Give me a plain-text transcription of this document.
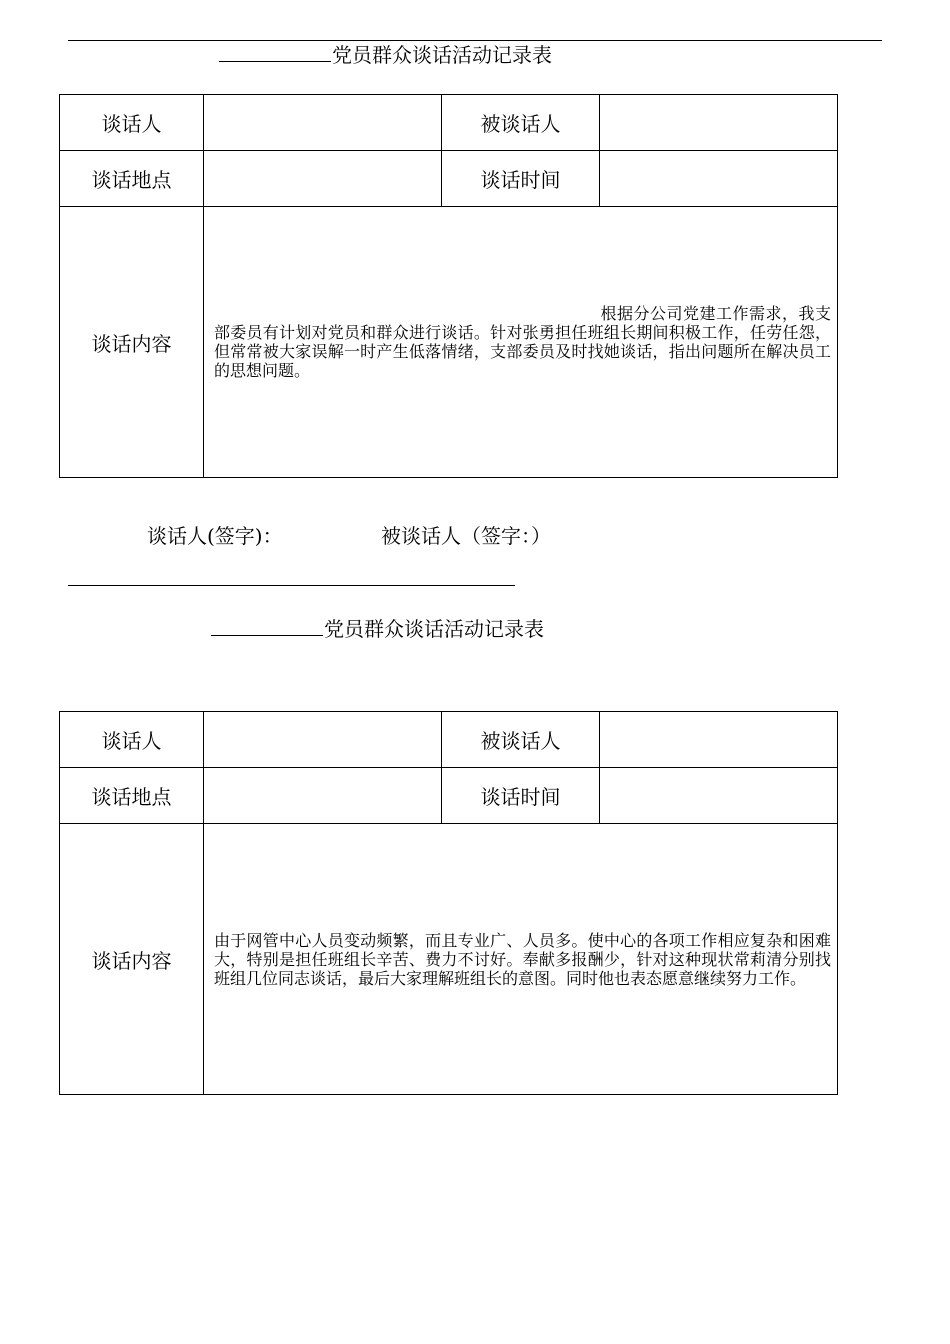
党员群众谈话活动记录表
谈话人		被谈话人	
谈话地点		谈话时间	
谈话内容	根据分公司党建工作需求，我支部委员有计划对党员和群众进行谈话。针对张勇担任班组长期间积极工作，任劳任怨，但常常被大家误解一时产生低落情绪，支部委员及时找她谈话，指出问题所在解决员工的思想问题。		
谈话人(签字)：	被谈话人（签字：）
党员群众谈话活动记录表
谈话人		被谈话人	
谈话地点		谈话时间	
谈话内容	由于网管中心人员变动频繁，而且专业广、人员多。使中心的各项工作相应复杂和困难大，特别是担任班组长辛苦、费力不讨好。奉献多报酬少，针对这种现状常莉清分别找班组几位同志谈话，最后大家理解班组长的意图。同时他也表态愿意继续努力工作。		
